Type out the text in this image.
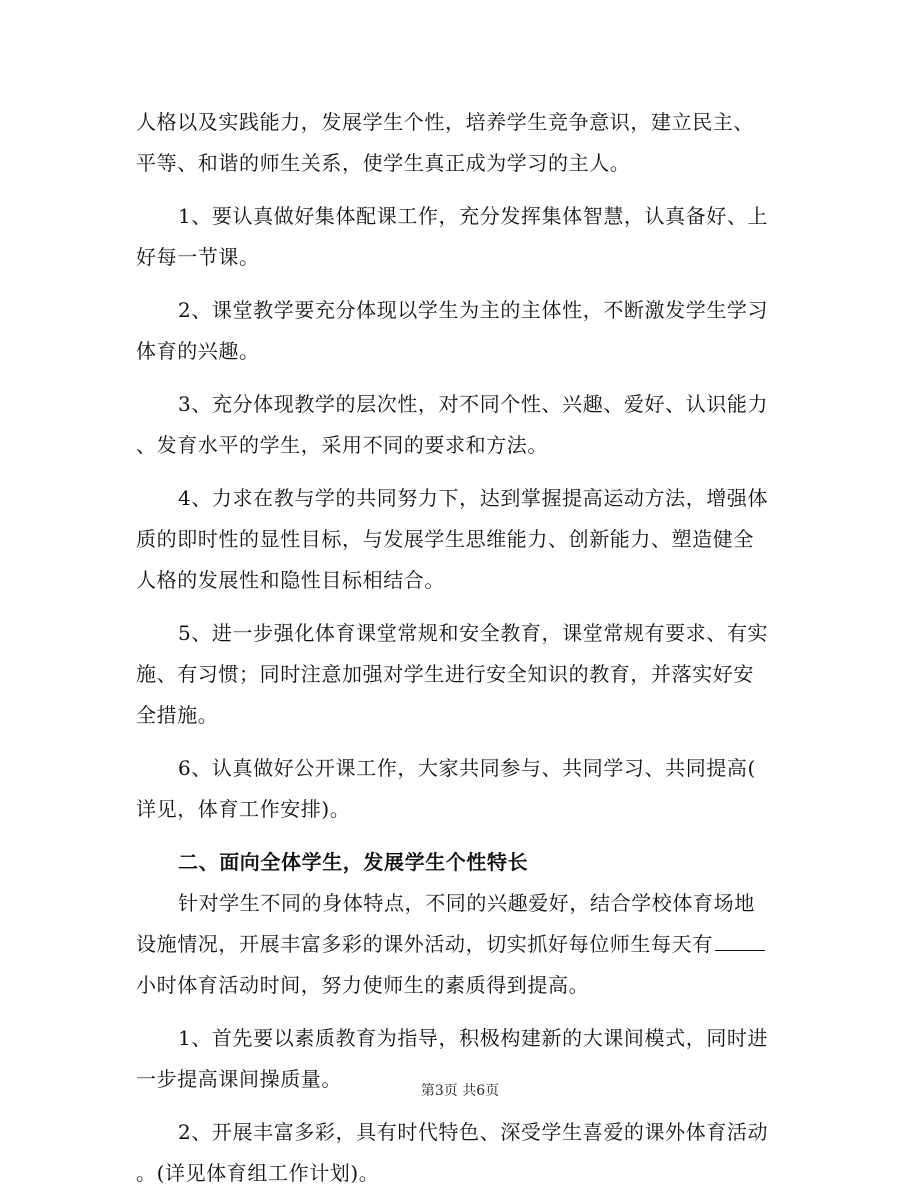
人格以及实践能力，发展学生个性，培养学生竞争意识，建立民主、
平等、和谐的师生关系，使学生真正成为学习的主人。
1、要认真做好集体配课工作，充分发挥集体智慧，认真备好、上
好每一节课。
2、课堂教学要充分体现以学生为主的主体性，不断激发学生学习
体育的兴趣。
3、充分体现教学的层次性，对不同个性、兴趣、爱好、认识能力
、发育水平的学生，采用不同的要求和方法。
4、力求在教与学的共同努力下，达到掌握提高运动方法，增强体
质的即时性的显性目标，与发展学生思维能力、创新能力、塑造健全
人格的发展性和隐性目标相结合。
5、进一步强化体育课堂常规和安全教育，课堂常规有要求、有实
施、有习惯；同时注意加强对学生进行安全知识的教育，并落实好安
全措施。
6、认真做好公开课工作，大家共同参与、共同学习、共同提高(
详见，体育工作安排)。
二、面向全体学生，发展学生个性特长
针对学生不同的身体特点，不同的兴趣爱好，结合学校体育场地
设施情况，开展丰富多彩的课外活动，切实抓好每位师生每天有
小时体育活动时间，努力使师生的素质得到提高。
1、首先要以素质教育为指导，积极构建新的大课间模式，同时进
一步提高课间操质量。
2、开展丰富多彩，具有时代特色、深受学生喜爱的课外体育活动
。(详见体育组工作计划)。
第3页 共6页
